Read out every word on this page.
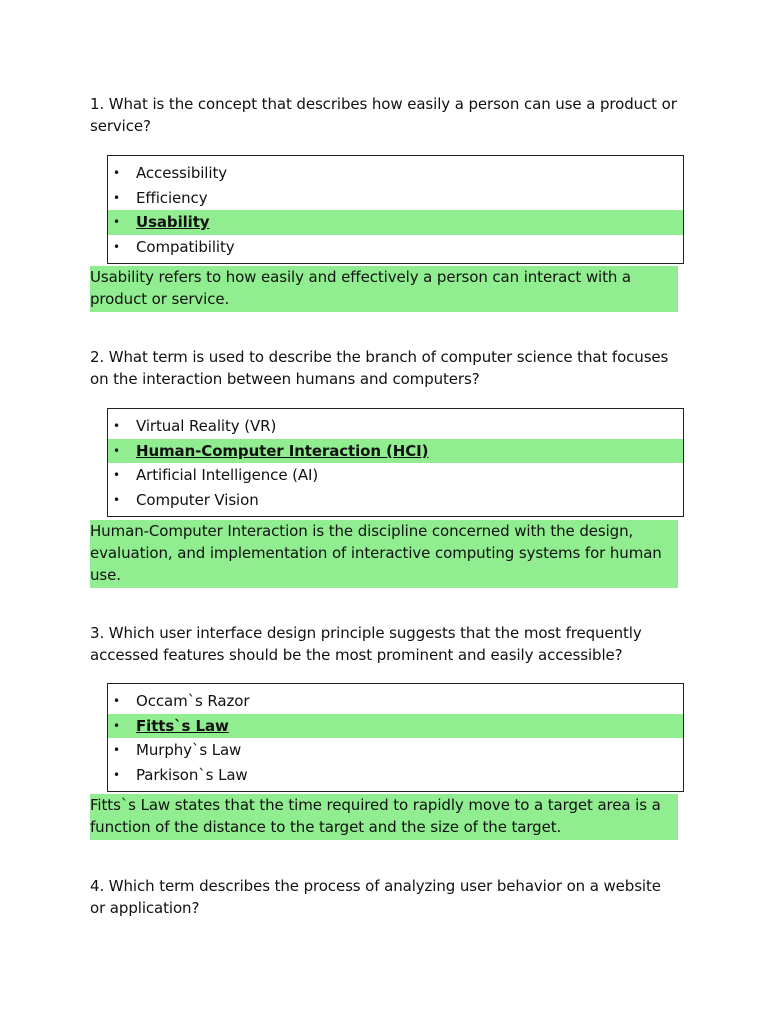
1. What is the concept that describes how easily a person can use a product or service?

• Accessibility
• Efficiency
• Usability
• Compatibility

Usability refers to how easily and effectively a person can interact with a product or service.

2. What term is used to describe the branch of computer science that focuses on the interaction between humans and computers?

• Virtual Reality (VR)
• Human-Computer Interaction (HCI)
• Artificial Intelligence (AI)
• Computer Vision

Human-Computer Interaction is the discipline concerned with the design, evaluation, and implementation of interactive computing systems for human use.

3. Which user interface design principle suggests that the most frequently accessed features should be the most prominent and easily accessible?

• Occam`s Razor
• Fitts`s Law
• Murphy`s Law
• Parkison`s Law

Fitts`s Law states that the time required to rapidly move to a target area is a function of the distance to the target and the size of the target.

4. Which term describes the process of analyzing user behavior on a website or application?
